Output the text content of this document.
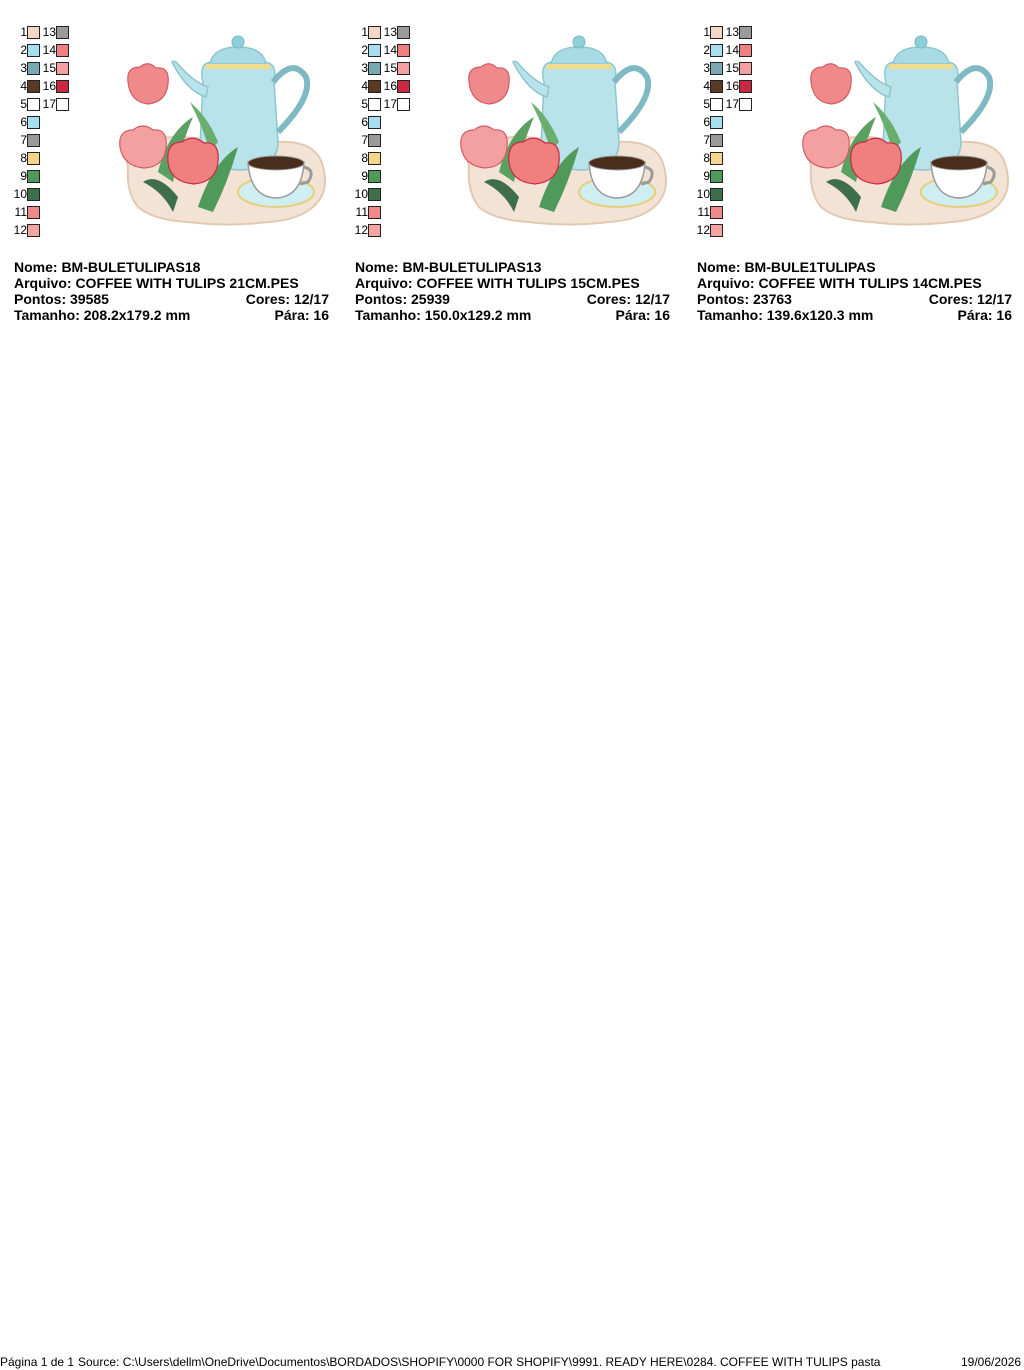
1
2
3
4
5
6
7
8
9
10
11
12
13
14
15
16
17
Nome: BM-BULETULIPAS18
Arquivo: COFFEE WITH TULIPS 21CM.PES
Pontos: 39585	Cores: 12/17
Tamanho: 208.2x179.2 mm	Pára: 16
1
2
3
4
5
6
7
8
9
10
11
12
13
14
15
16
17
Nome: BM-BULETULIPAS13
Arquivo: COFFEE WITH TULIPS 15CM.PES
Pontos: 25939	Cores: 12/17
Tamanho: 150.0x129.2 mm	Pára: 16
1
2
3
4
5
6
7
8
9
10
11
12
13
14
15
16
17
Nome: BM-BULE1TULIPAS
Arquivo: COFFEE WITH TULIPS 14CM.PES
Pontos: 23763	Cores: 12/17
Tamanho: 139.6x120.3 mm	Pára: 16
Página 1 de 1 Source: C:\Users\dellm\OneDrive\Documentos\BORDADOS\SHOPIFY\0000 FOR SHOPIFY\9991. READY HERE\0284. COFFEE WITH TULIPS pasta	19/06/2026
